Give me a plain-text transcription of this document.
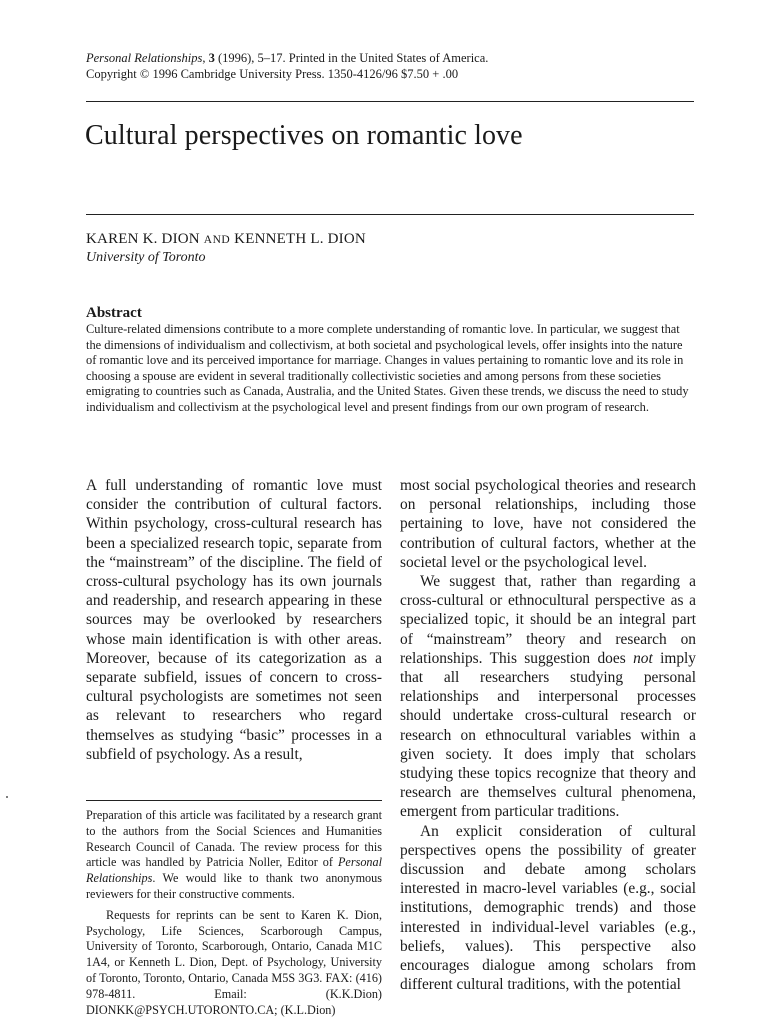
Personal Relationships, 3 (1996), 5–17. Printed in the United States of America.
Copyright © 1996 Cambridge University Press. 1350-4126/96 $7.50 + .00
Cultural perspectives on romantic love
KAREN K. DION AND KENNETH L. DION
University of Toronto
Abstract

Culture-related dimensions contribute to a more complete understanding of romantic love. In particular, we suggest that the dimensions of individualism and collectivism, at both societal and psychological levels, offer insights into the nature of romantic love and its perceived importance for marriage. Changes in values pertaining to romantic love and its role in choosing a spouse are evident in several traditionally collectivistic societies and among persons from these societies emigrating to countries such as Canada, Australia, and the United States. Given these trends, we discuss the need to study individualism and collectivism at the psychological level and present findings from our own program of research.

A full understanding of romantic love must consider the contribution of cultural factors. Within psychology, cross-cultural research has been a specialized research topic, separate from the “mainstream” of the discipline. The field of cross-cultural psychology has its own journals and readership, and research appearing in these sources may be overlooked by researchers whose main identification is with other areas. Moreover, because of its categorization as a separate subfield, issues of concern to cross-cultural psychologists are sometimes not seen as relevant to researchers who regard themselves as studying “basic” processes in a subfield of psychology. As a result,

most social psychological theories and research on personal relationships, including those pertaining to love, have not considered the contribution of cultural factors, whether at the societal level or the psychological level.

We suggest that, rather than regarding a cross-cultural or ethnocultural perspective as a specialized topic, it should be an integral part of “mainstream” theory and research on relationships. This suggestion does not imply that all researchers studying personal relationships and interpersonal processes should undertake cross-cultural research or research on ethnocultural variables within a given society. It does imply that scholars studying these topics recognize that theory and research are themselves cultural phenomena, emergent from particular traditions.

An explicit consideration of cultural perspectives opens the possibility of greater discussion and debate among scholars interested in macro-level variables (e.g., social institutions, demographic trends) and those interested in individual-level variables (e.g., beliefs, values). This perspective also encourages dialogue among scholars from different cultural traditions, with the potential

Preparation of this article was facilitated by a research grant to the authors from the Social Sciences and Humanities Research Council of Canada. The review process for this article was handled by Patricia Noller, Editor of Personal Relationships. We would like to thank two anonymous reviewers for their constructive comments.

Requests for reprints can be sent to Karen K. Dion, Psychology, Life Sciences, Scarborough Campus, University of Toronto, Scarborough, Ontario, Canada M1C 1A4, or Kenneth L. Dion, Dept. of Psychology, University of Toronto, Toronto, Ontario, Canada M5S 3G3. FAX: (416) 978-4811. Email: (K.K.Dion) DIONKK@PSYCH.UTORONTO.CA; (K.L.Dion)
